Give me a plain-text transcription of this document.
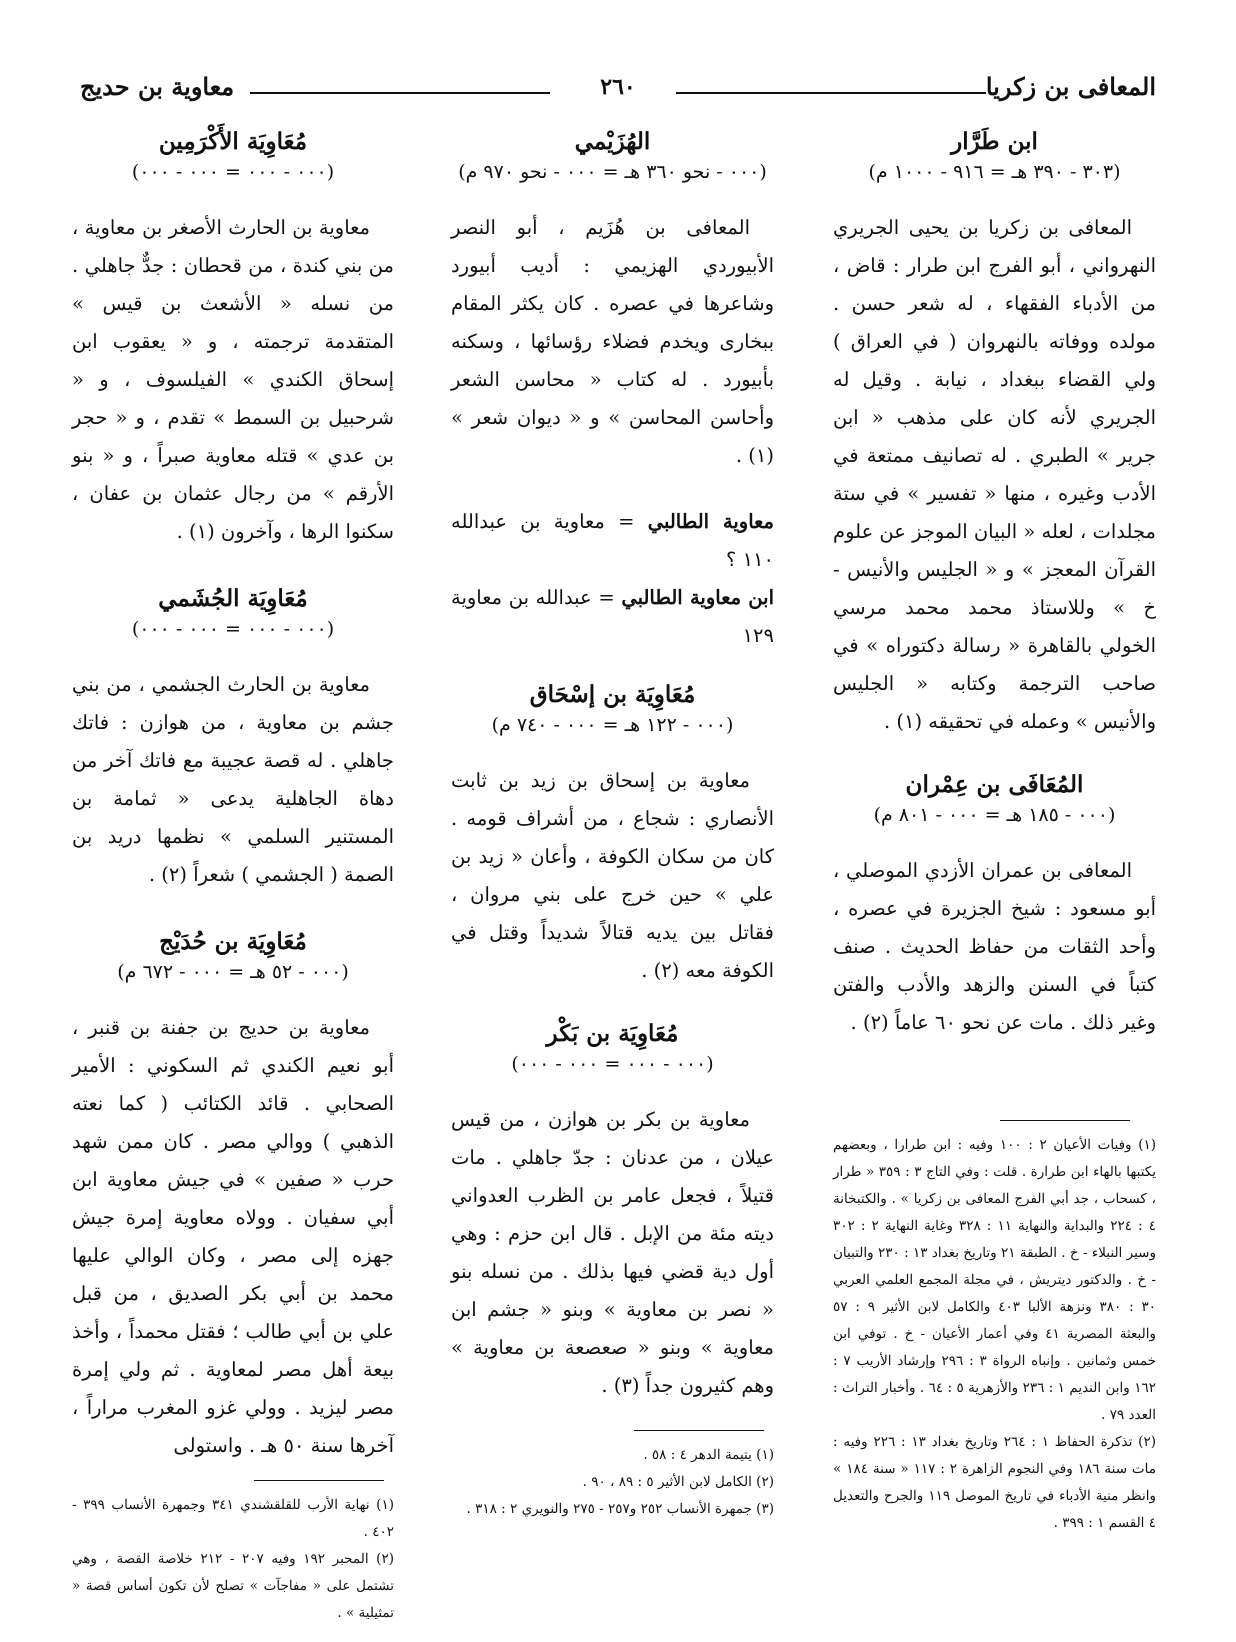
المعافى بن زكريا
٢٦٠
معاوية بن حديج

ابن طَرَّار

(٣٠٣ - ٣٩٠ هـ = ٩١٦ - ١٠٠٠ م)

المعافى بن زكريا بن يحيى الجريري النهرواني ، أبو الفرج ابن طرار : قاض ، من الأدباء الفقهاء ، له شعر حسن . مولده ووفاته بالنهروان ( في العراق ) ولي القضاء ببغداد ، نيابة . وقيل له الجريري لأنه كان على مذهب « ابن جرير » الطبري . له تصانيف ممتعة في الأدب وغيره ، منها « تفسير » في ستة مجلدات ، لعله « البيان الموجز عن علوم القرآن المعجز » و « الجليس والأنيس - خ » وللاستاذ محمد محمد مرسي الخولي بالقاهرة « رسالة دكتوراه » في صاحب الترجمة وكتابه « الجليس والأنيس » وعمله في تحقيقه (١) .

المُعَافَى بن عِمْران

(٠٠٠ - ١٨٥ هـ = ٠٠٠ - ٨٠١ م)

المعافى بن عمران الأزدي الموصلي ، أبو مسعود : شيخ الجزيرة في عصره ، وأحد الثقات من حفاظ الحديث . صنف كتباً في السنن والزهد والأدب والفتن وغير ذلك . مات عن نحو ٦٠ عاماً (٢) .

الهُزَيْمي

(٠٠٠ - نحو ٣٦٠ هـ = ٠٠٠ - نحو ٩٧٠ م)

المعافى بن هُزَيم ، أبو النصر الأبيوردي الهزيمي : أديب أبيورد وشاعرها في عصره . كان يكثر المقام ببخارى ويخدم فضلاء رؤسائها ، وسكنه بأبيورد . له كتاب « محاسن الشعر وأحاسن المحاسن » و « ديوان شعر » (١) .

معاوية الطالبي = معاوية بن عبدالله ١١٠ ؟
ابن معاوية الطالبي = عبدالله بن معاوية ١٢٩

مُعَاوِيَة بن إسْحَاق

(٠٠٠ - ١٢٢ هـ = ٠٠٠ - ٧٤٠ م)

معاوية بن إسحاق بن زيد بن ثابت الأنصاري : شجاع ، من أشراف قومه . كان من سكان الكوفة ، وأعان « زيد بن علي » حين خرج على بني مروان ، فقاتل بين يديه قتالاً شديداً وقتل في الكوفة معه (٢) .

مُعَاوِيَة بن بَكْر

(٠٠٠ - ٠٠٠ = ٠٠٠ - ٠٠٠)

معاوية بن بكر بن هوازن ، من قيس عيلان ، من عدنان : جدّ جاهلي . مات قتيلاً ، فجعل عامر بن الظرب العدواني ديته مئة من الإبل . قال ابن حزم : وهي أول دية قضي فيها بذلك . من نسله بنو « نصر بن معاوية » وبنو « جشم ابن معاوية » وبنو « صعصعة بن معاوية » وهم كثيرون جداً (٣) .

مُعَاوِيَة الأَكْرَمِين

(٠٠٠ - ٠٠٠ = ٠٠٠ - ٠٠٠)

معاوية بن الحارث الأصغر بن معاوية ، من بني كندة ، من قحطان : جدٌّ جاهلي . من نسله « الأشعث بن قيس » المتقدمة ترجمته ، و « يعقوب ابن إسحاق الكندي » الفيلسوف ، و « شرحبيل بن السمط » تقدم ، و « حجر بن عدي » قتله معاوية صبراً ، و « بنو الأرقم » من رجال عثمان بن عفان ، سكنوا الرها ، وآخرون (١) .

مُعَاوِيَة الجُشَمي

(٠٠٠ - ٠٠٠ = ٠٠٠ - ٠٠٠)

معاوية بن الحارث الجشمي ، من بني جشم بن معاوية ، من هوازن : فاتك جاهلي . له قصة عجيبة مع فاتك آخر من دهاة الجاهلية يدعى « ثمامة بن المستنير السلمي » نظمها دريد بن الصمة ( الجشمي ) شعراً (٢) .

مُعَاوِيَة بن حُدَيْج

(٠٠٠ - ٥٢ هـ = ٠٠٠ - ٦٧٢ م)

معاوية بن حديج بن جفنة بن قنبر ، أبو نعيم الكندي ثم السكوني : الأمير الصحابي . قائد الكتائب ( كما نعته الذهبي ) ووالي مصر . كان ممن شهد حرب « صفين » في جيش معاوية ابن أبي سفيان . وولاه معاوية إمرة جيش جهزه إلى مصر ، وكان الوالي عليها محمد بن أبي بكر الصديق ، من قبل علي بن أبي طالب ؛ فقتل محمداً ، وأخذ بيعة أهل مصر لمعاوية . ثم ولي إمرة مصر ليزيد . وولي غزو المغرب مراراً ، آخرها سنة ٥٠ هـ . واستولى

(١) وفيات الأعيان ٢ : ١٠٠ وفيه : ابن طرارا ، وبعضهم يكتبها بالهاء ابن طرارة . قلت : وفي التاج ٣ : ٣٥٩ « طرار ، كسحاب ، جد أبي الفرج المعافى بن زكريا » . والكتبخانة ٤ : ٢٢٤ والبداية والنهاية ١١ : ٣٢٨ وغاية النهاية ٢ : ٣٠٢ وسير النبلاء - خ . الطبقة ٢١ وتاريخ بغداد ١٣ : ٢٣٠ والتبيان - خ . والدكتور ديتريش ، في مجلة المجمع العلمي العربي ٣٠ : ٣٨٠ ونزهة الألبا ٤٠٣ والكامل لابن الأثير ٩ : ٥٧ والبعثة المصرية ٤١ وفي أعمار الأعيان - خ . توفي ابن خمس وثمانين . وإنباه الرواة ٣ : ٢٩٦ وإرشاد الأريب ٧ : ١٦٢ وابن النديم ١ : ٢٣٦ والأزهرية ٥ : ٦٤ . وأخبار التراث : العدد ٧٩ .

(٢) تذكرة الحفاظ ١ : ٢٦٤ وتاريخ بغداد ١٣ : ٢٢٦ وفيه : مات سنة ١٨٦ وفي النجوم الزاهرة ٢ : ١١٧ « سنة ١٨٤ » وانظر منية الأدباء في تاريخ الموصل ١١٩ والجرح والتعديل ٤ القسم ١ : ٣٩٩ .

(١) يتيمة الدهر ٤ : ٥٨ .

(٢) الكامل لابن الأثير ٥ : ٨٩ ، ٩٠ .

(٣) جمهرة الأنساب ٢٥٢ و٢٥٧ - ٢٧٥ والنويري ٢ : ٣١٨ .

(١) نهاية الأرب للقلقشندي ٣٤١ وجمهرة الأنساب ٣٩٩ - ٤٠٢ .

(٢) المحبر ١٩٢ وفيه ٢٠٧ - ٢١٢ خلاصة القصة ، وهي تشتمل على « مفاجآت » تصلح لأن تكون أساس قصة « تمثيلية » .
